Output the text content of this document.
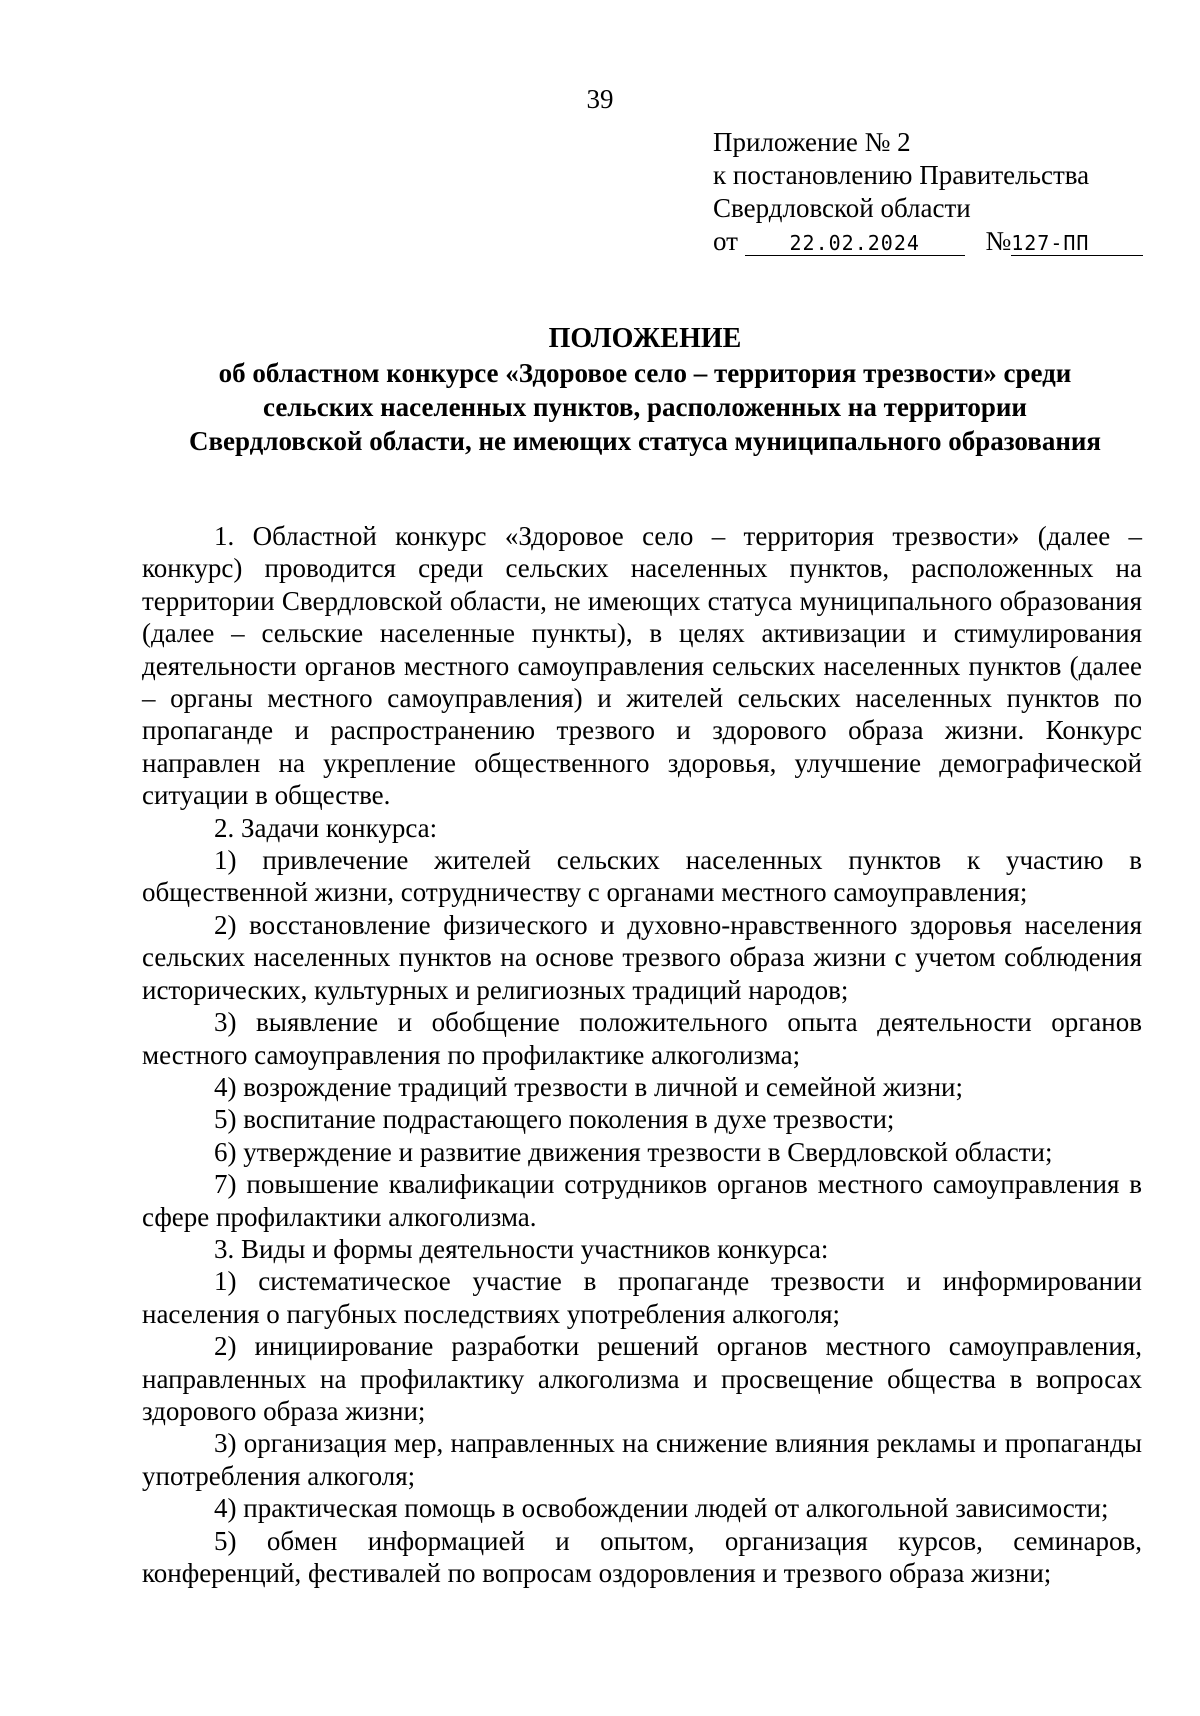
39
Приложение № 2
к постановлению Правительства
Свердловской области
от	22.02.2024 №127-ПП
ПОЛОЖЕНИЕ
об областном конкурсе «Здоровое село – территория трезвости» среди
сельских населенных пунктов, расположенных на территории
Свердловской области, не имеющих статуса муниципального образования

1. Областной конкурс «Здоровое село – территория трезвости» (далее – конкурс) проводится среди сельских населенных пунктов, расположенных на территории Свердловской области, не имеющих статуса муниципального образования (далее – сельские населенные пункты), в целях активизации и стимулирования деятельности органов местного самоуправления сельских населенных пунктов (далее – органы местного самоуправления) и жителей сельских населенных пунктов по пропаганде и распространению трезвого и здорового образа жизни. Конкурс направлен на укрепление общественного здоровья, улучшение демографической ситуации в обществе.

2. Задачи конкурса:

1) привлечение жителей сельских населенных пунктов к участию в общественной жизни, сотрудничеству с органами местного самоуправления;

2) восстановление физического и духовно-нравственного здоровья населения сельских населенных пунктов на основе трезвого образа жизни с учетом соблюдения исторических, культурных и религиозных традиций народов;

3) выявление и обобщение положительного опыта деятельности органов местного самоуправления по профилактике алкоголизма;

4) возрождение традиций трезвости в личной и семейной жизни;

5) воспитание подрастающего поколения в духе трезвости;

6) утверждение и развитие движения трезвости в Свердловской области;

7) повышение квалификации сотрудников органов местного самоуправления в сфере профилактики алкоголизма.

3. Виды и формы деятельности участников конкурса:

1) систематическое участие в пропаганде трезвости и информировании населения о пагубных последствиях употребления алкоголя;

2) инициирование разработки решений органов местного самоуправления, направленных на профилактику алкоголизма и просвещение общества в вопросах здорового образа жизни;

3) организация мер, направленных на снижение влияния рекламы и пропаганды употребления алкоголя;

4) практическая помощь в освобождении людей от алкогольной зависимости;

5) обмен информацией и опытом, организация курсов, семинаров, конференций, фестивалей по вопросам оздоровления и трезвого образа жизни;
